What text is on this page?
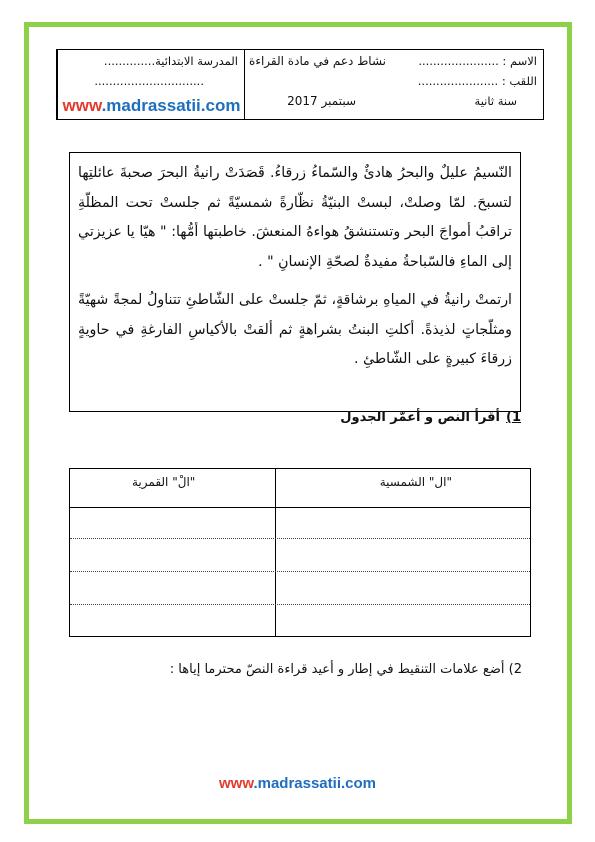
المدرسة الابتدائية..............
..............................
www.madrassatii.com
نشاط دعم في مادة القراءة
سبتمبر 2017
الاسم : ......................
اللقب : ......................
سنة ثانية

النّسيمُ عليلٌ والبحرُ هادئٌ والسّماءُ زرقاءُ. قَصَدَتْ رانيةُ البحرَ صحبةَ عائلتِها لتسبحَ. لمّا وصلتْ، لبستْ البنيّةُ نظّارةً شمسيّةً ثم جلستْ تحت المظلّةِ تراقبُ أمواجَ البحر وتستنشقُ هواءهُ المنعشَ. خاطبتها أمُّها: " هيّا يا عزيزتي إلى الماءِ فالسّباحةُ مفيدةٌ لصحّةِ الإنسانِ " .

ارتمتْ رانيةُ في المياهِ برشاقةٍ، ثمّ جلستْ على الشّاطئِ تتناولُ لمجةً شهيّةً ومثلّجاتٍ لذيذةً. أكلتِ البنتُ بشراهةٍ ثم ألقتْ بالأكياسِ الفارغةِ في حاويةٍ زرقاءَ كبيرةٍ على الشّاطئِ .

1)أقرأ النص و أعمّر الجدول
"ال" الشمسية
"الْ" القمرية
2) أضع علامات التنقيط في إطار و أعيد قراءة النصّ محترما إياها :
www.madrassatii.com
